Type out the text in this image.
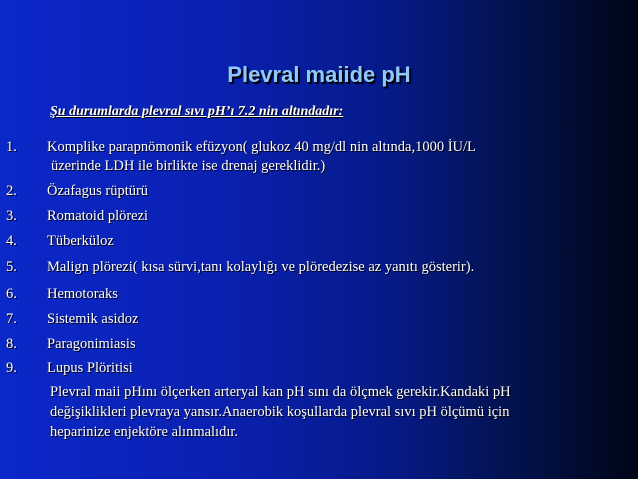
Plevral maiide pH
Şu durumlarda plevral sıvı pH’ı 7.2 nin altındadır:
1.	Komplike parapnömonik efüzyon( glukoz 40 mg/dl nin altında,1000 İU/L
üzerinde LDH ile birlikte ise drenaj gereklidir.)
2.	Özafagus rüptürü
3.	Romatoid plörezi
4.	Tüberküloz
5.	Malign plörezi( kısa sürvi,tanı kolaylığı ve plöredezise az yanıtı gösterir).
6.	Hemotoraks
7.	Sistemik asidoz
8.	Paragonimiasis
9.	Lupus Plöritisi
Plevral maii pHını ölçerken arteryal kan pH sını da ölçmek gerekir.Kandaki pH
değişiklikleri plevraya yansır.Anaerobik koşullarda plevral sıvı pH ölçümü için
heparinize enjektöre alınmalıdır.
